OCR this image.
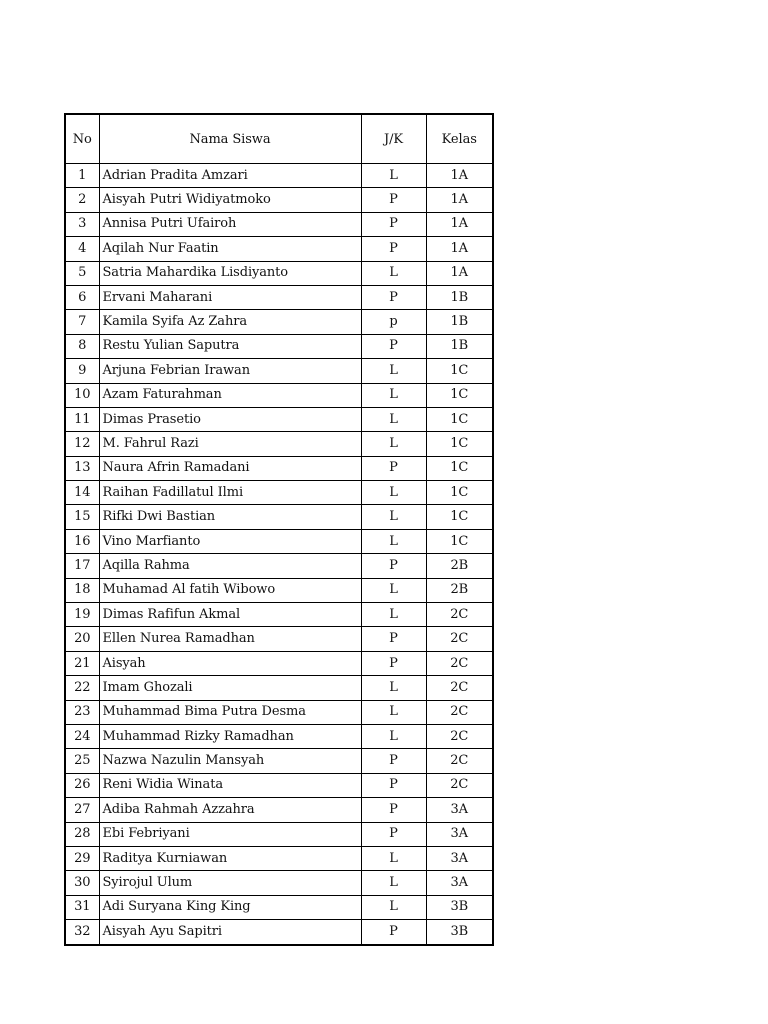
No	Nama Siswa	J/K	Kelas
1	Adrian Pradita Amzari	L	1A
2	Aisyah Putri Widiyatmoko	P	1A
3	Annisa Putri Ufairoh	P	1A
4	Aqilah Nur Faatin	P	1A
5	Satria Mahardika Lisdiyanto	L	1A
6	Ervani Maharani	P	1B
7	Kamila Syifa Az Zahra	p	1B
8	Restu Yulian Saputra	P	1B
9	Arjuna Febrian Irawan	L	1C
10	Azam Faturahman	L	1C
11	Dimas Prasetio	L	1C
12	M. Fahrul Razi	L	1C
13	Naura Afrin Ramadani	P	1C
14	Raihan Fadillatul Ilmi	L	1C
15	Rifki Dwi Bastian	L	1C
16	Vino Marfianto	L	1C
17	Aqilla Rahma	P	2B
18	Muhamad Al fatih Wibowo	L	2B
19	Dimas Rafifun Akmal	L	2C
20	Ellen Nurea Ramadhan	P	2C
21	Aisyah	P	2C
22	Imam Ghozali	L	2C
23	Muhammad Bima Putra Desma	L	2C
24	Muhammad Rizky Ramadhan	L	2C
25	Nazwa Nazulin Mansyah	P	2C
26	Reni Widia Winata	P	2C
27	Adiba Rahmah Azzahra	P	3A
28	Ebi Febriyani	P	3A
29	Raditya Kurniawan	L	3A
30	Syirojul Ulum	L	3A
31	Adi Suryana King King	L	3B
32	Aisyah Ayu Sapitri	P	3B
